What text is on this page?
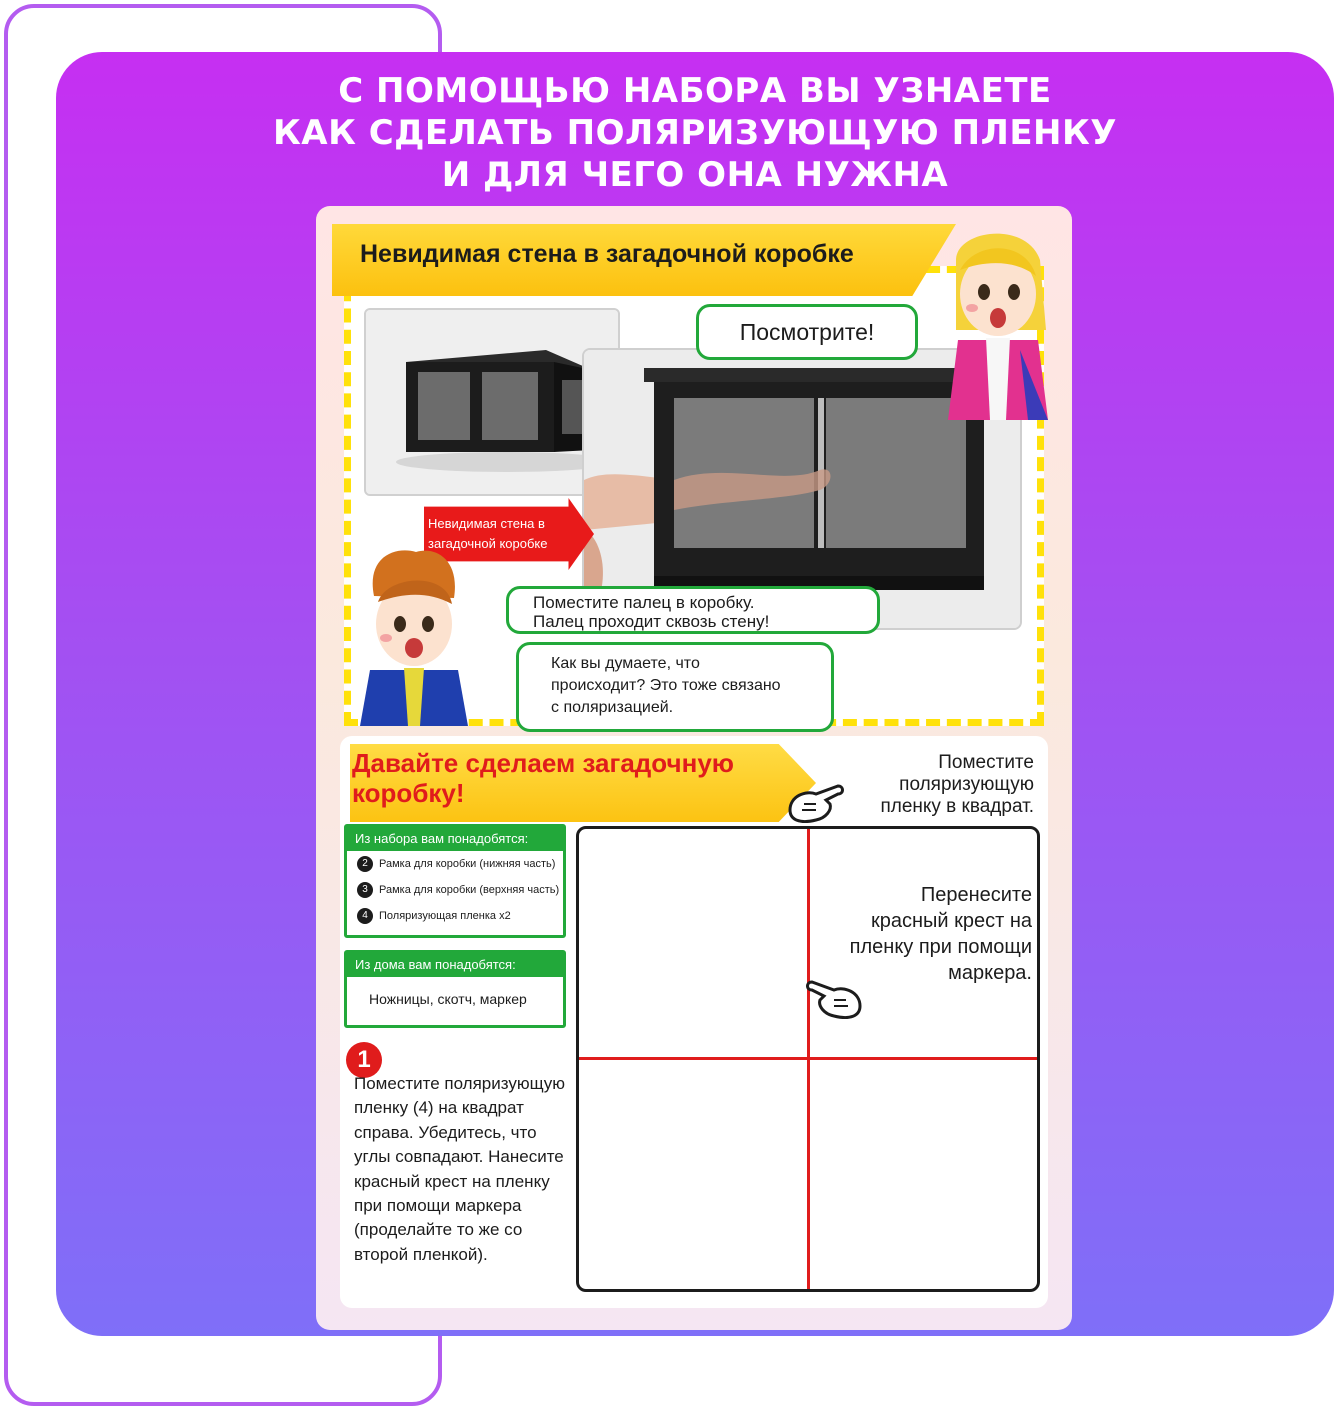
С ПОМОЩЬЮ НАБОРА ВЫ УЗНАЕТЕ
КАК СДЕЛАТЬ ПОЛЯРИЗУЮЩУЮ ПЛЕНКУ
И ДЛЯ ЧЕГО ОНА НУЖНА
Невидимая стена в загадочной коробке
Невидимая стена в
загадочной коробке
Посмотрите!
Поместите палец в коробку.
Палец проходит сквозь стену!
Как вы думаете, что
происходит? Это тоже связано
с поляризацией.
Давайте сделаем загадочную
коробку!
Поместите
поляризующую
пленку в квадрат.
Из набора вам понадобятся:
2	Рамка для коробки (нижняя часть)
3	Рамка для коробки (верхняя часть)
4	Поляризующая пленка x2
Из дома вам понадобятся:
Ножницы, скотч, маркер
1
Поместите поляризующую пленку (4) на квадрат справа. Убедитесь, что углы совпадают. Нанесите красный крест на пленку при помощи маркера (проделайте то же со второй пленкой).
Перенесите
красный крест на
пленку при помощи
маркера.
